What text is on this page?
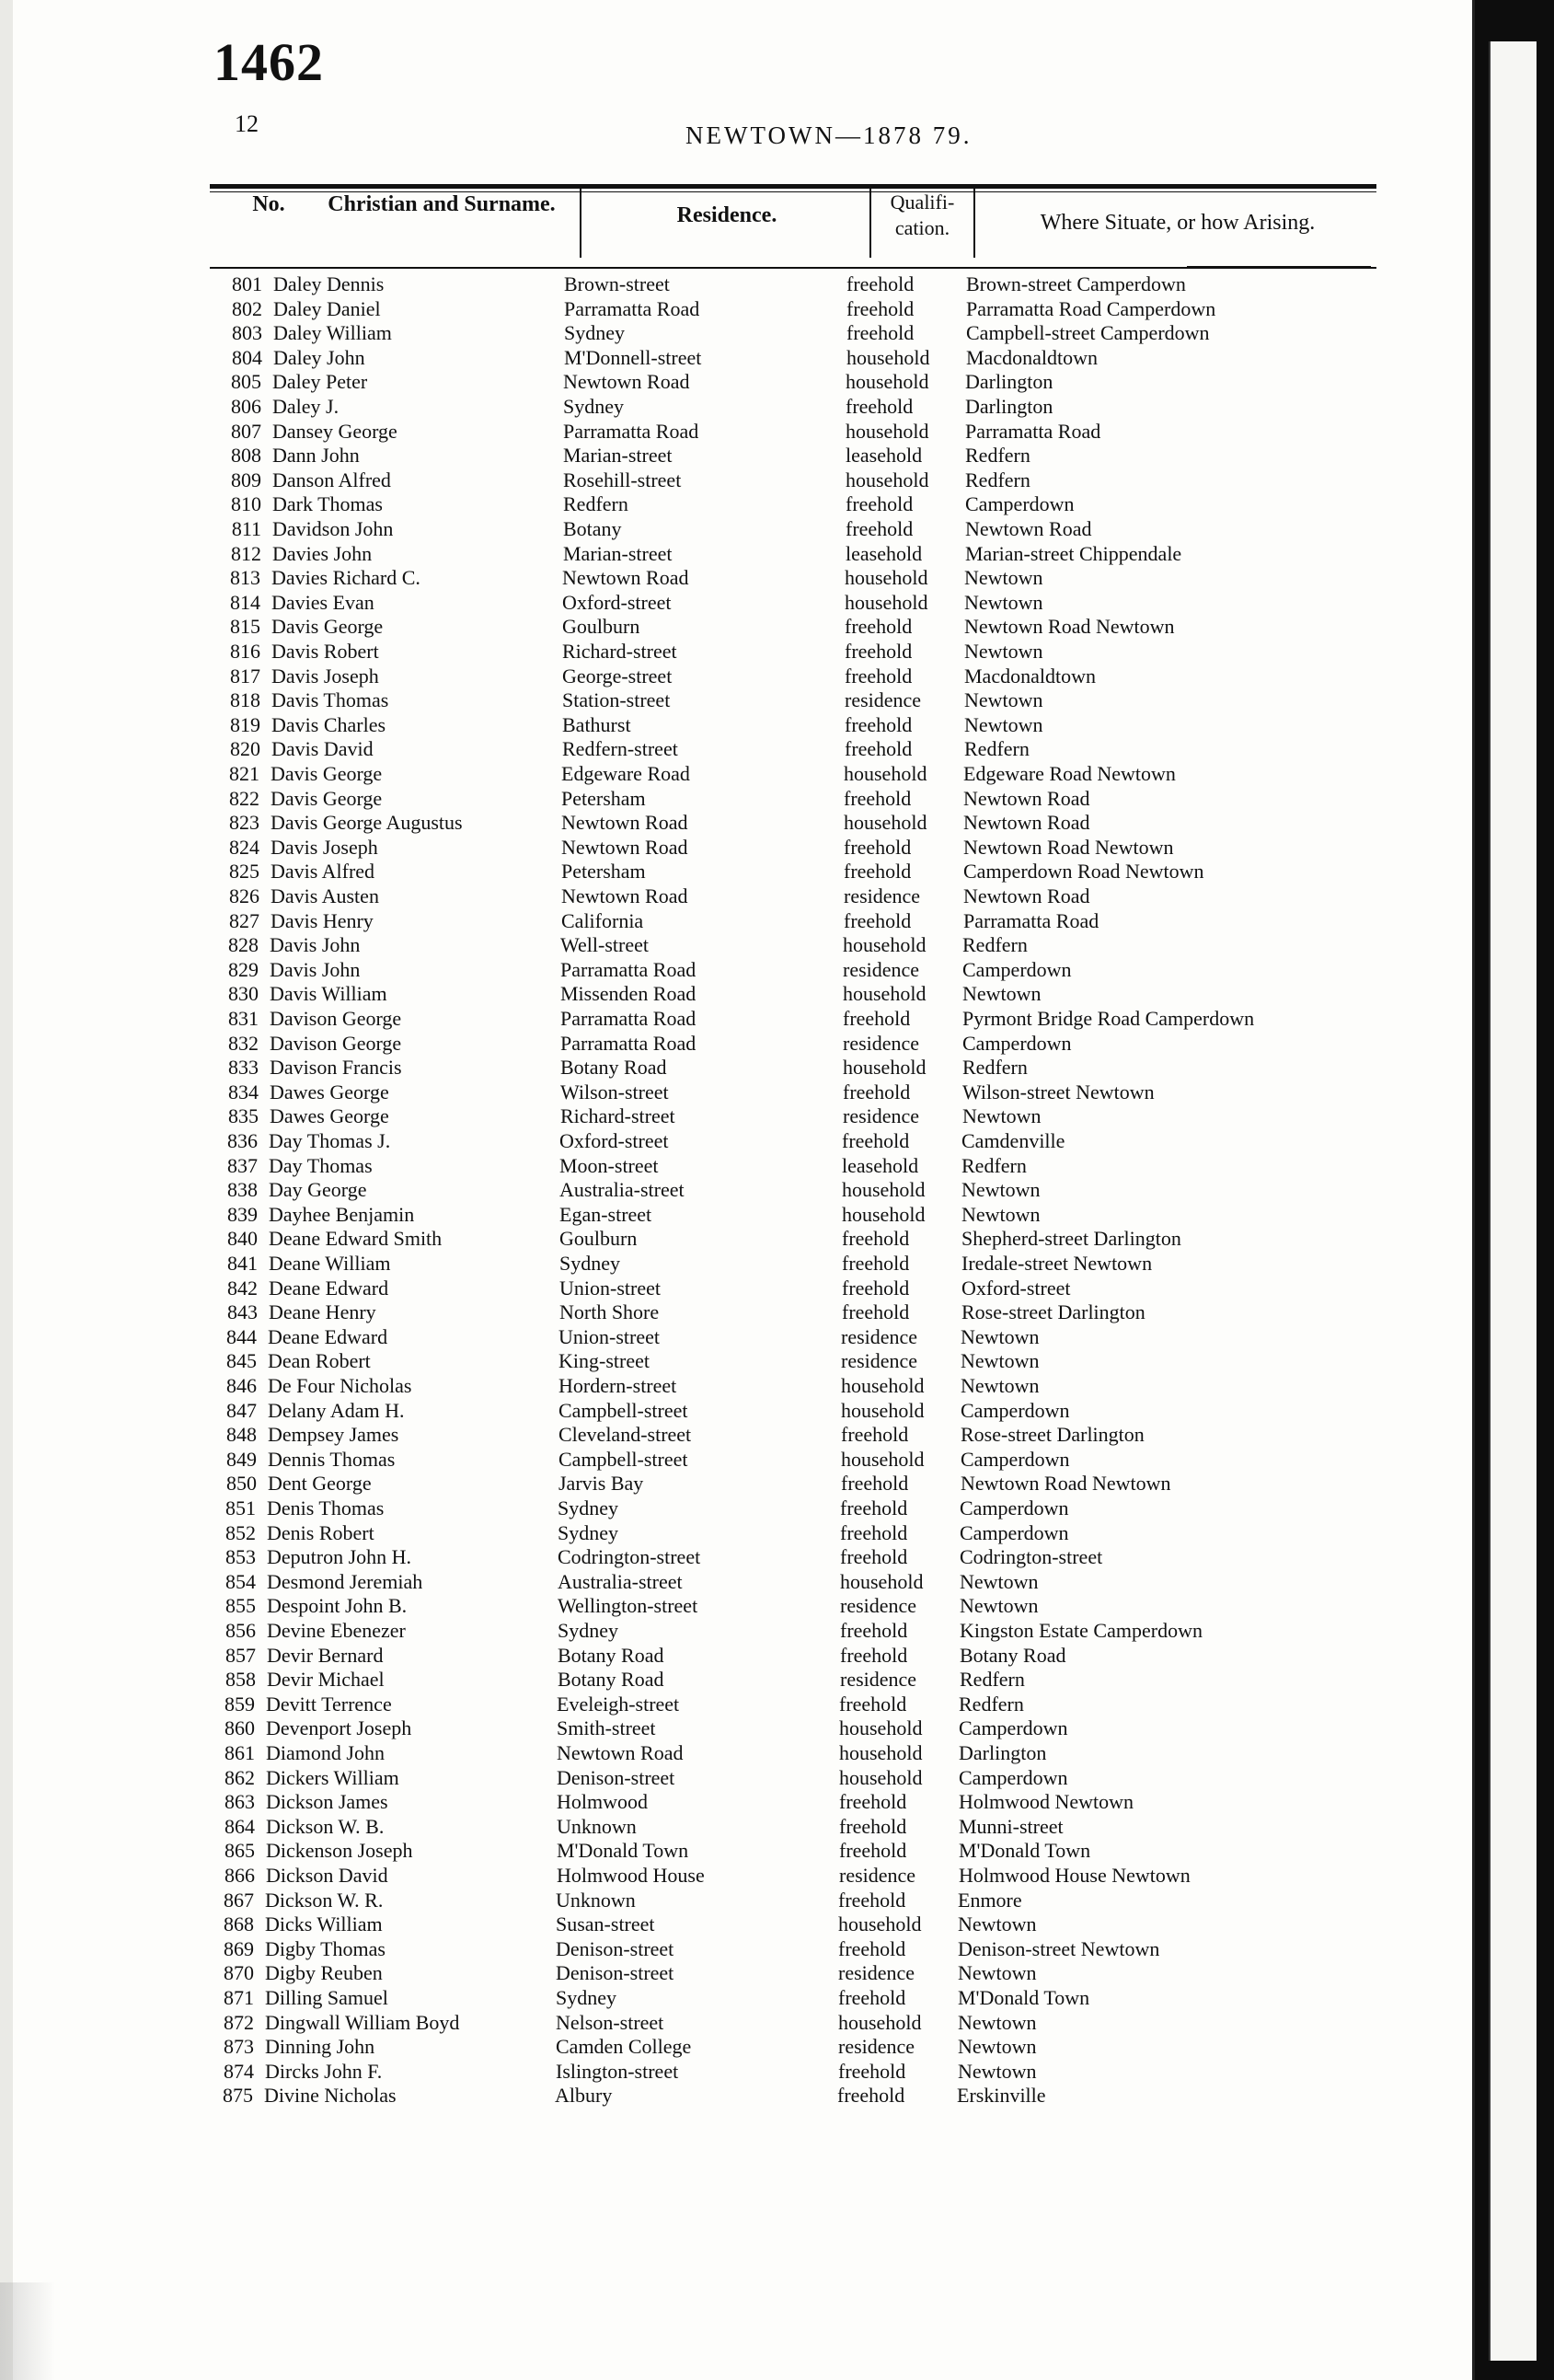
1462
12	NEWTOWN—1878 79.
No.	Christian and Surname.	Residence.
Qualifi-cation.	Where Situate, or how Arising.
801 Daley Dennis	Brown-street	freehold	Brown-street Camperdown
802 Daley Daniel	Parramatta Road	freehold	Parramatta Road Camperdown
803 Daley William	Sydney	freehold	Campbell-street Camperdown
804 Daley John	M'Donnell-street	household Macdonaldtown
805 Daley Peter	Newtown Road	household Darlington
806 Daley J.	Sydney	freehold	Darlington
807 Dansey George	Parramatta Road	household Parramatta Road
808 Dann John	Marian-street	leasehold Redfern
809 Danson Alfred	Rosehill-street	household Redfern
810 Dark Thomas	Redfern	freehold	Camperdown
811 Davidson John	Botany	freehold	Newtown Road
812 Davies John	Marian-street	leasehold Marian-street Chippendale
813 Davies Richard C.	Newtown Road	household Newtown
814 Davies Evan	Oxford-street	household Newtown
815 Davis George	Goulburn	freehold	Newtown Road Newtown
816 Davis Robert	Richard-street	freehold	Newtown
817 Davis Joseph	George-street	freehold	Macdonaldtown
818 Davis Thomas	Station-street	residence Newtown
819 Davis Charles	Bathurst	freehold	Newtown
820 Davis David	Redfern-street	freehold	Redfern
821 Davis George	Edgeware Road	household Edgeware Road Newtown
822 Davis George	Petersham	freehold	Newtown Road
823 Davis George Augustus	Newtown Road	household Newtown Road
824 Davis Joseph	Newtown Road	freehold	Newtown Road Newtown
825 Davis Alfred	Petersham	freehold	Camperdown Road Newtown
826 Davis Austen	Newtown Road	residence Newtown Road
827 Davis Henry	California	freehold	Parramatta Road
828 Davis John	Well-street	household Redfern
829 Davis John	Parramatta Road	residence Camperdown
830 Davis William	Missenden Road	household Newtown
831 Davison George	Parramatta Road	freehold	Pyrmont Bridge Road Camperdown
832 Davison George	Parramatta Road	residence Camperdown
833 Davison Francis	Botany Road	household Redfern
834 Dawes George	Wilson-street	freehold	Wilson-street Newtown
835 Dawes George	Richard-street	residence Newtown
836 Day Thomas J.	Oxford-street	freehold	Camdenville
837 Day Thomas	Moon-street	leasehold Redfern
838 Day George	Australia-street	household Newtown
839 Dayhee Benjamin	Egan-street	household Newtown
840 Deane Edward Smith	Goulburn	freehold	Shepherd-street Darlington
841 Deane William	Sydney	freehold	Iredale-street Newtown
842 Deane Edward	Union-street	freehold	Oxford-street
843 Deane Henry	North Shore	freehold	Rose-street Darlington
844 Deane Edward	Union-street	residence Newtown
845 Dean Robert	King-street	residence Newtown
846 De Four Nicholas	Hordern-street	household Newtown
847 Delany Adam H.	Campbell-street	household Camperdown
848 Dempsey James	Cleveland-street	freehold	Rose-street Darlington
849 Dennis Thomas	Campbell-street	household Camperdown
850 Dent George	Jarvis Bay	freehold	Newtown Road Newtown
851 Denis Thomas	Sydney	freehold	Camperdown
852 Denis Robert	Sydney	freehold	Camperdown
853 Deputron John H.	Codrington-street	freehold	Codrington-street
854 Desmond Jeremiah	Australia-street	household Newtown
855 Despoint John B.	Wellington-street	residence Newtown
856 Devine Ebenezer	Sydney	freehold	Kingston Estate Camperdown
857 Devir Bernard	Botany Road	freehold	Botany Road
858 Devir Michael	Botany Road	residence Redfern
859 Devitt Terrence	Eveleigh-street	freehold	Redfern
860 Devenport Joseph	Smith-street	household Camperdown
861 Diamond John	Newtown Road	household Darlington
862 Dickers William	Denison-street	household Camperdown
863 Dickson James	Holmwood	freehold	Holmwood Newtown
864 Dickson W. B.	Unknown	freehold	Munni-street
865 Dickenson Joseph	M'Donald Town	freehold	M'Donald Town
866 Dickson David	Holmwood House	residence Holmwood House Newtown
867 Dickson W. R.	Unknown	freehold	Enmore
868 Dicks William	Susan-street	household Newtown
869 Digby Thomas	Denison-street	freehold	Denison-street Newtown
870 Digby Reuben	Denison-street	residence Newtown
871 Dilling Samuel	Sydney	freehold	M'Donald Town
872 Dingwall William Boyd	Nelson-street	household Newtown
873 Dinning John	Camden College	residence Newtown
874 Dircks John F.	Islington-street	freehold	Newtown
875 Divine Nicholas	Albury	freehold	Erskinville
